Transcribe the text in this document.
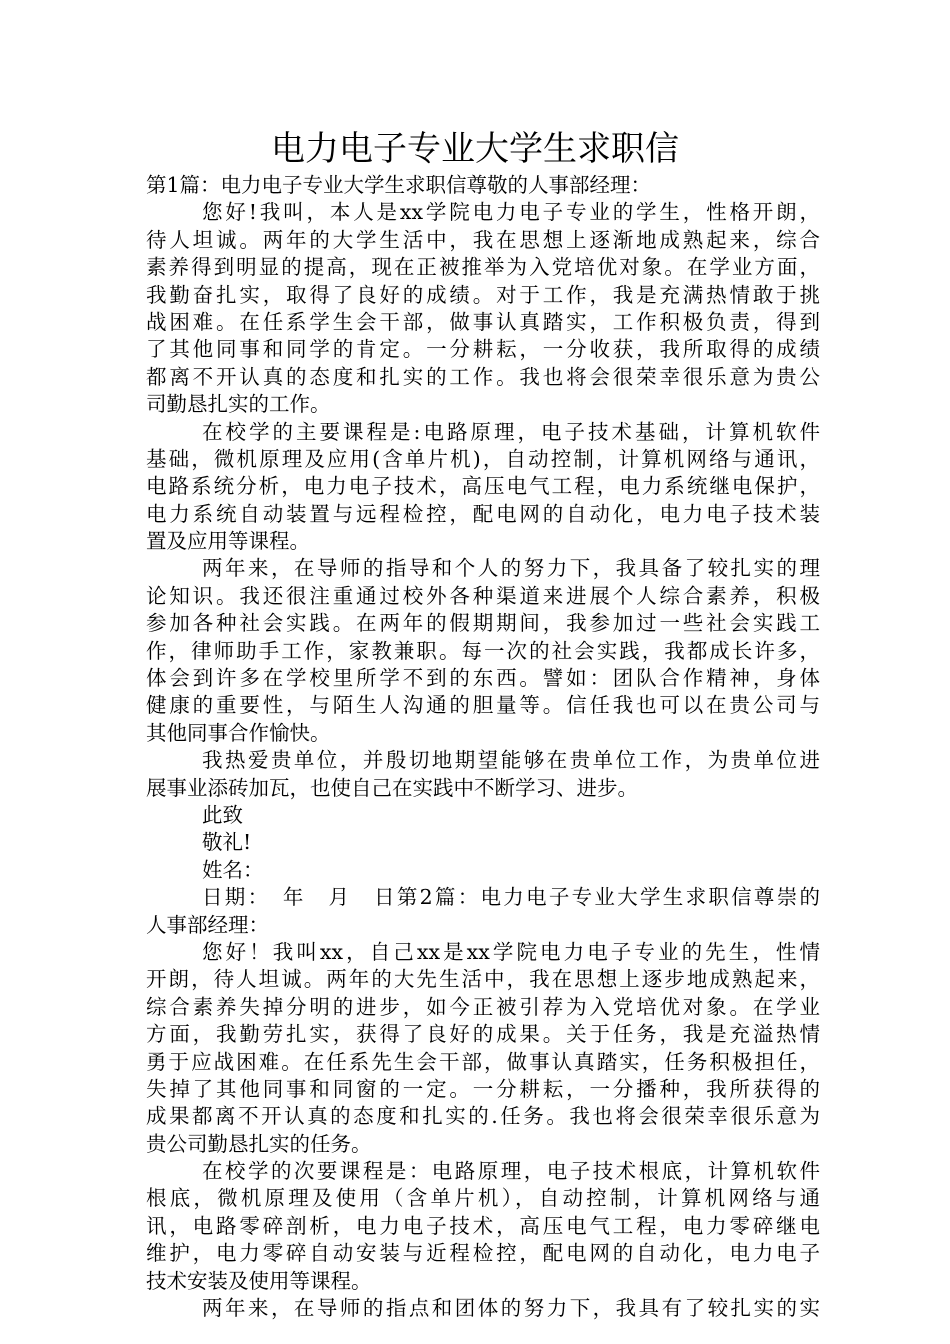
电力电子专业大学生求职信
第1篇：电力电子专业大学生求职信尊敬的人事部经理：
您好!我叫，本人是xx学院电力电子专业的学生，性格开朗，
待人坦诚。两年的大学生活中，我在思想上逐渐地成熟起来，综合
素养得到明显的提高，现在正被推举为入党培优对象。在学业方面，
我勤奋扎实，取得了良好的成绩。对于工作，我是充满热情敢于挑
战困难。在任系学生会干部，做事认真踏实，工作积极负责，得到
了其他同事和同学的肯定。一分耕耘，一分收获，我所取得的成绩
都离不开认真的态度和扎实的工作。我也将会很荣幸很乐意为贵公
司勤恳扎实的工作。
在校学的主要课程是:电路原理，电子技术基础，计算机软件
基础，微机原理及应用(含单片机)，自动控制，计算机网络与通讯，
电路系统分析，电力电子技术，高压电气工程，电力系统继电保护，
电力系统自动装置与远程检控，配电网的自动化，电力电子技术装
置及应用等课程。
两年来，在导师的指导和个人的努力下，我具备了较扎实的理
论知识。我还很注重通过校外各种渠道来进展个人综合素养，积极
参加各种社会实践。在两年的假期期间，我参加过一些社会实践工
作，律师助手工作，家教兼职。每一次的社会实践，我都成长许多，
体会到许多在学校里所学不到的东西。譬如：团队合作精神，身体
健康的重要性，与陌生人沟通的胆量等。信任我也可以在贵公司与
其他同事合作愉快。
我热爱贵单位，并殷切地期望能够在贵单位工作，为贵单位进
展事业添砖加瓦，也使自己在实践中不断学习、进步。
此致
敬礼!
姓名：
日期：　年　月　日第2篇：电力电子专业大学生求职信尊崇的
人事部经理：
您好！我叫xx，自己xx是xx学院电力电子专业的先生，性情
开朗，待人坦诚。两年的大先生活中，我在思想上逐步地成熟起来，
综合素养失掉分明的进步，如今正被引荐为入党培优对象。在学业
方面，我勤劳扎实，获得了良好的成果。关于任务，我是充溢热情
勇于应战困难。在任系先生会干部，做事认真踏实，任务积极担任，
失掉了其他同事和同窗的一定。一分耕耘，一分播种，我所获得的
成果都离不开认真的态度和扎实的.任务。我也将会很荣幸很乐意为
贵公司勤恳扎实的任务。
在校学的次要课程是：电路原理，电子技术根底，计算机软件
根底，微机原理及使用（含单片机），自动控制，计算机网络与通
讯，电路零碎剖析，电力电子技术，高压电气工程，电力零碎继电
维护，电力零碎自动安装与近程检控，配电网的自动化，电力电子
技术安装及使用等课程。
两年来，在导师的指点和团体的努力下，我具有了较扎实的实
